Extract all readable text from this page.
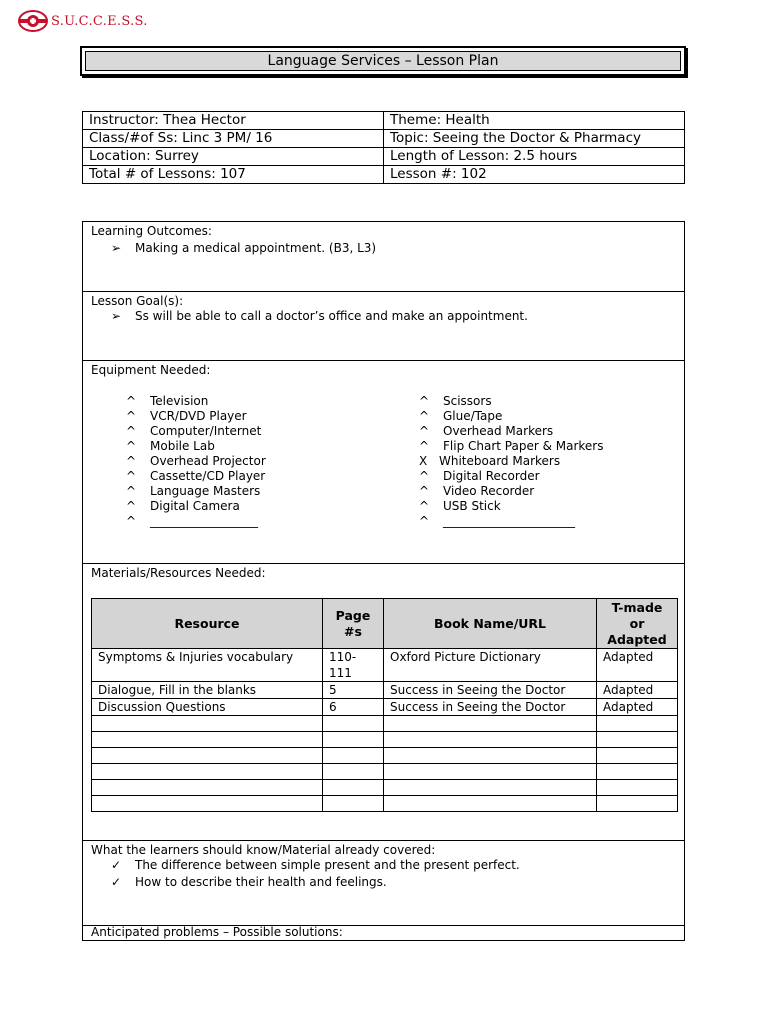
S.U.C.C.E.S.S.
Language Services – Lesson Plan
Instructor: Thea Hector	Theme: Health
Class/#of Ss: Linc 3 PM/ 16	Topic: Seeing the Doctor & Pharmacy
Location: Surrey	Length of Lesson: 2.5 hours
Total # of Lessons: 107	Lesson #: 102
Learning Outcomes:
➢ Making a medical appointment. (B3, L3)
Lesson Goal(s):
➢ Ss will be able to call a doctor’s office and make an appointment.
Equipment Needed:
^ Television
^ VCR/DVD Player
^ Computer/Internet
^ Mobile Lab
^ Overhead Projector
^ Cassette/CD Player
^ Language Masters
^ Digital Camera
^ __________________
^ Scissors
^ Glue/Tape
^ Overhead Markers
^ Flip Chart Paper & Markers
X Whiteboard Markers
^ Digital Recorder
^ Video Recorder
^ USB Stick
^ ______________________
Materials/Resources Needed:
Resource	Page #s	Book Name/URL	T-made or Adapted
Symptoms & Injuries vocabulary	110-111	Oxford Picture Dictionary	Adapted
Dialogue, Fill in the blanks	5	Success in Seeing the Doctor	Adapted
Discussion Questions	6	Success in Seeing the Doctor	Adapted

What the learners should know/Material already covered:
✓ The difference between simple present and the present perfect.
✓ How to describe their health and feelings.
Anticipated problems – Possible solutions:
